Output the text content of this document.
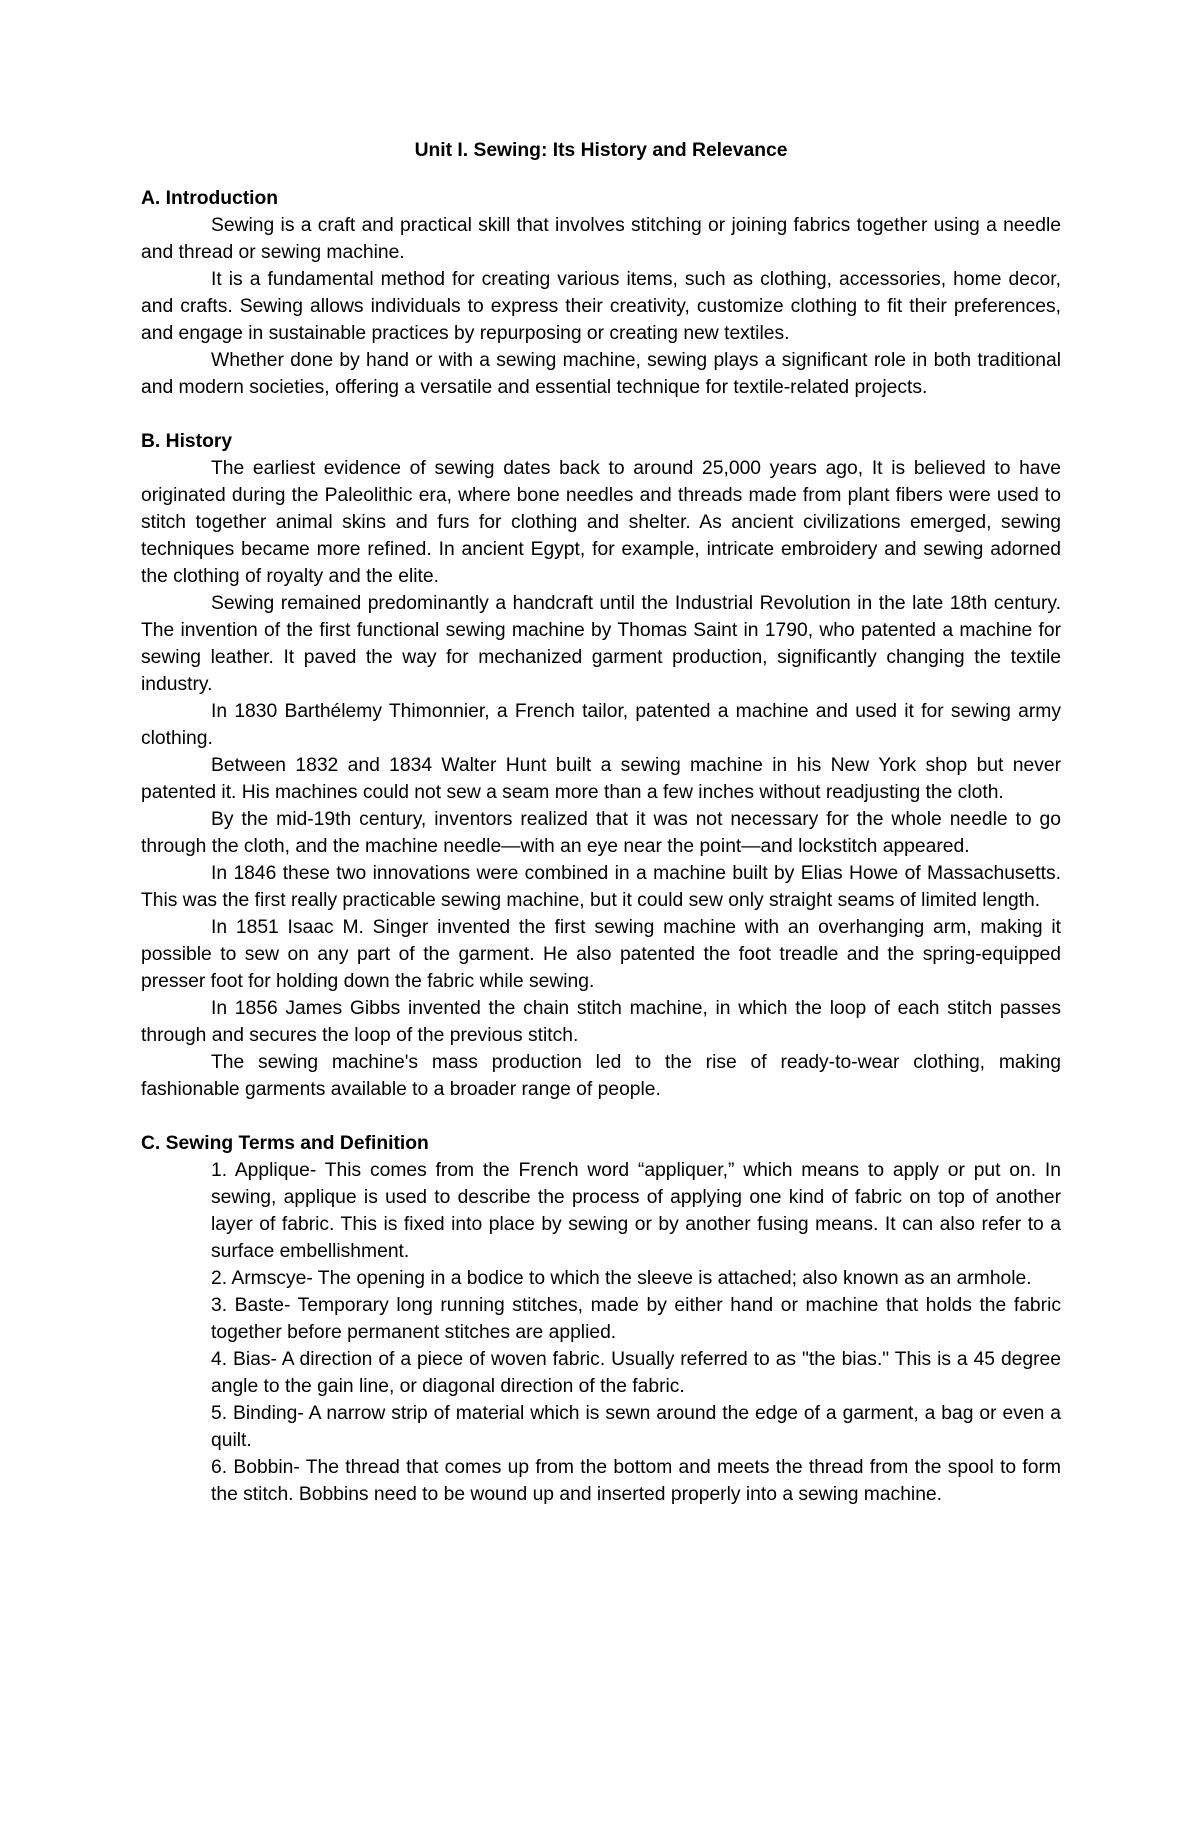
Unit I. Sewing: Its History and Relevance
A. Introduction

Sewing is a craft and practical skill that involves stitching or joining fabrics together using a needle and thread or sewing machine.

It is a fundamental method for creating various items, such as clothing, accessories, home decor, and crafts. Sewing allows individuals to express their creativity, customize clothing to fit their preferences, and engage in sustainable practices by repurposing or creating new textiles.

Whether done by hand or with a sewing machine, sewing plays a significant role in both traditional and modern societies, offering a versatile and essential technique for textile-related projects.

B. History

The earliest evidence of sewing dates back to around 25,000 years ago, It is believed to have originated during the Paleolithic era, where bone needles and threads made from plant fibers were used to stitch together animal skins and furs for clothing and shelter. As ancient civilizations emerged, sewing techniques became more refined. In ancient Egypt, for example, intricate embroidery and sewing adorned the clothing of royalty and the elite.

Sewing remained predominantly a handcraft until the Industrial Revolution in the late 18th century. The invention of the first functional sewing machine by Thomas Saint in 1790, who patented a machine for sewing leather. It paved the way for mechanized garment production, significantly changing the textile industry.

In 1830 Barthélemy Thimonnier, a French tailor, patented a machine and used it for sewing army clothing.

Between 1832 and 1834 Walter Hunt built a sewing machine in his New York shop but never patented it. His machines could not sew a seam more than a few inches without readjusting the cloth.

By the mid-19th century, inventors realized that it was not necessary for the whole needle to go through the cloth, and the machine needle—with an eye near the point—and lockstitch appeared.

In 1846 these two innovations were combined in a machine built by Elias Howe of Massachusetts. This was the first really practicable sewing machine, but it could sew only straight seams of limited length.

In 1851 Isaac M. Singer invented the first sewing machine with an overhanging arm, making it possible to sew on any part of the garment. He also patented the foot treadle and the spring-equipped presser foot for holding down the fabric while sewing.

In 1856 James Gibbs invented the chain stitch machine, in which the loop of each stitch passes through and secures the loop of the previous stitch.

The sewing machine's mass production led to the rise of ready-to-wear clothing, making fashionable garments available to a broader range of people.

C. Sewing Terms and Definition

1. Applique- This comes from the French word “appliquer,” which means to apply or put on. In sewing, applique is used to describe the process of applying one kind of fabric on top of another layer of fabric. This is fixed into place by sewing or by another fusing means. It can also refer to a surface embellishment.

2. Armscye- The opening in a bodice to which the sleeve is attached; also known as an armhole.

3. Baste- Temporary long running stitches, made by either hand or machine that holds the fabric together before permanent stitches are applied.

4. Bias- A direction of a piece of woven fabric. Usually referred to as "the bias." This is a 45 degree angle to the gain line, or diagonal direction of the fabric.

5. Binding- A narrow strip of material which is sewn around the edge of a garment, a bag or even a quilt.

6. Bobbin- The thread that comes up from the bottom and meets the thread from the spool to form the stitch. Bobbins need to be wound up and inserted properly into a sewing machine.
